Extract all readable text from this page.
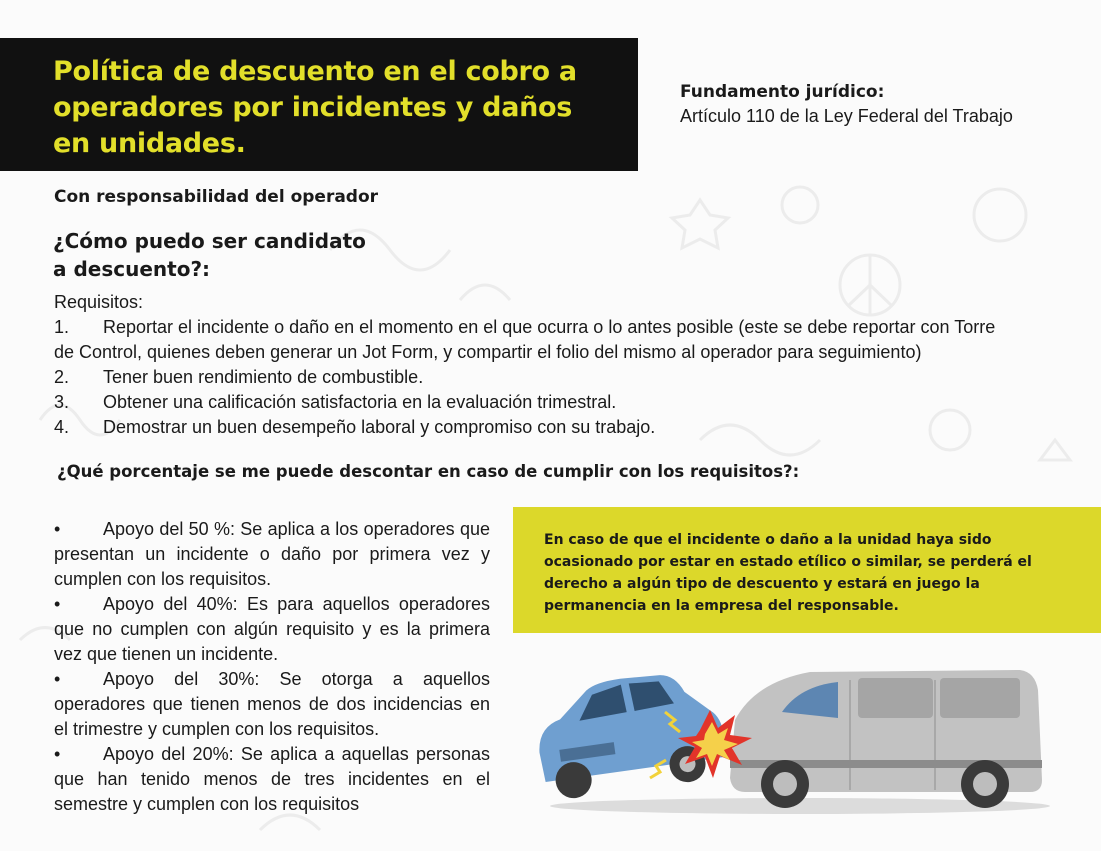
Política de descuento en el cobro a
operadores por incidentes y daños
en unidades.
Fundamento jurídico:
Artículo 110 de la Ley Federal del Trabajo
Con responsabilidad del operador
¿Cómo puedo ser candidato
a descuento?:
Requisitos:
1.	Reportar el incidente o daño en el momento en el que ocurra o lo antes posible (este se debe reportar con Torre
de Control, quienes deben generar un Jot Form, y compartir el folio del mismo al operador para seguimiento)
2.	Tener buen rendimiento de combustible.
3.	Obtener una calificación satisfactoria en la evaluación trimestral.
4.	Demostrar un buen desempeño laboral y compromiso con su trabajo.
¿Qué porcentaje se me puede descontar en caso de cumplir con los requisitos?:
• Apoyo del 50 %: Se aplica a los operadores que presentan un incidente o daño por primera vez y cumplen con los requisitos.
• Apoyo del 40%: Es para aquellos operadores que no cumplen con algún requisito y es la primera vez que tienen un incidente.
• Apoyo del 30%: Se otorga a aquellos operadores que tienen menos de dos incidencias en el trimestre y cumplen con los requisitos.
• Apoyo del 20%: Se aplica a aquellas personas que han tenido menos de tres incidentes en el semestre y cumplen con los requisitos
En caso de que el incidente o daño a la unidad haya sido ocasionado por estar en estado etílico o similar, se perderá el derecho a algún tipo de descuento y estará en juego la permanencia en la empresa del responsable.
